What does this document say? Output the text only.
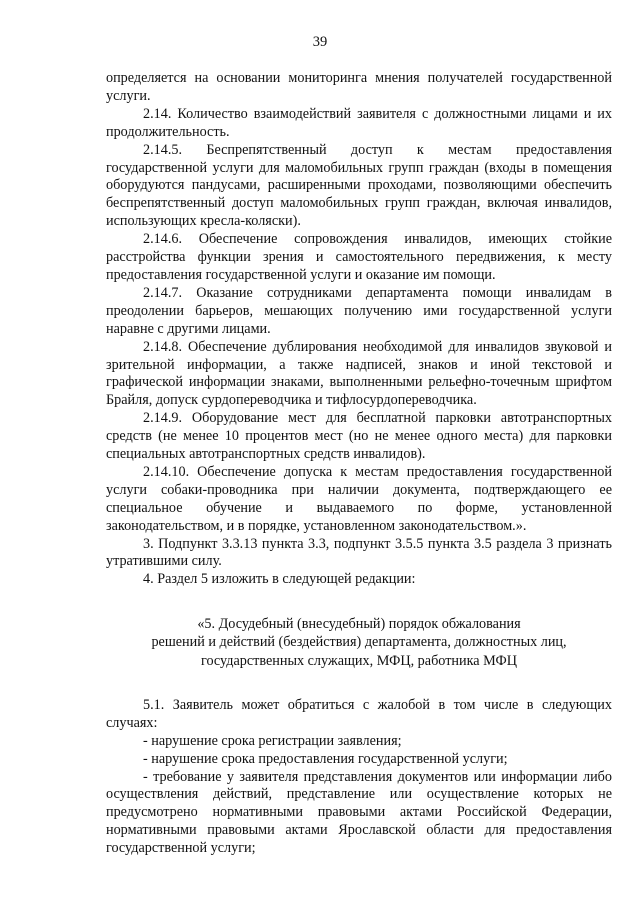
39

определяется на основании мониторинга мнения получателей государственной услуги.

2.14. Количество взаимодействий заявителя с должностными лицами и их продолжительность.

2.14.5. Беспрепятственный доступ к местам предоставления государственной услуги для маломобильных групп граждан (входы в помещения оборудуются пандусами, расширенными проходами, позволяющими обеспечить беспрепятственный доступ маломобильных групп граждан, включая инвалидов, использующих кресла-коляски).

2.14.6. Обеспечение сопровождения инвалидов, имеющих стойкие расстройства функции зрения и самостоятельного передвижения, к месту предоставления государственной услуги и оказание им помощи.

2.14.7. Оказание сотрудниками департамента помощи инвалидам в преодолении барьеров, мешающих получению ими государственной услуги наравне с другими лицами.

2.14.8. Обеспечение дублирования необходимой для инвалидов звуковой и зрительной информации, а также надписей, знаков и иной текстовой и графической информации знаками, выполненными рельефно-точечным шрифтом Брайля, допуск сурдопереводчика и тифлосурдопереводчика.

2.14.9. Оборудование мест для бесплатной парковки автотранспортных средств (не менее 10 процентов мест (но не менее одного места) для парковки специальных автотранспортных средств инвалидов).

2.14.10. Обеспечение допуска к местам предоставления государственной услуги собаки-проводника при наличии документа, подтверждающего ее специальное обучение и выдаваемого по форме, установленной законодательством, и в порядке, установленном законодательством.».

3. Подпункт 3.3.13 пункта 3.3, подпункт 3.5.5 пункта 3.5 раздела 3 признать утратившими силу.

4. Раздел 5 изложить в следующей редакции:

«5. Досудебный (внесудебный) порядок обжалования
решений и действий (бездействия) департамента, должностных лиц,
государственных служащих, МФЦ, работника МФЦ

5.1. Заявитель может обратиться с жалобой в том числе в следующих случаях:

- нарушение срока регистрации заявления;

- нарушение срока предоставления государственной услуги;

- требование у заявителя представления документов или информации либо осуществления действий, представление или осуществление которых не предусмотрено нормативными правовыми актами Российской Федерации, нормативными правовыми актами Ярославской области для предоставления государственной услуги;
